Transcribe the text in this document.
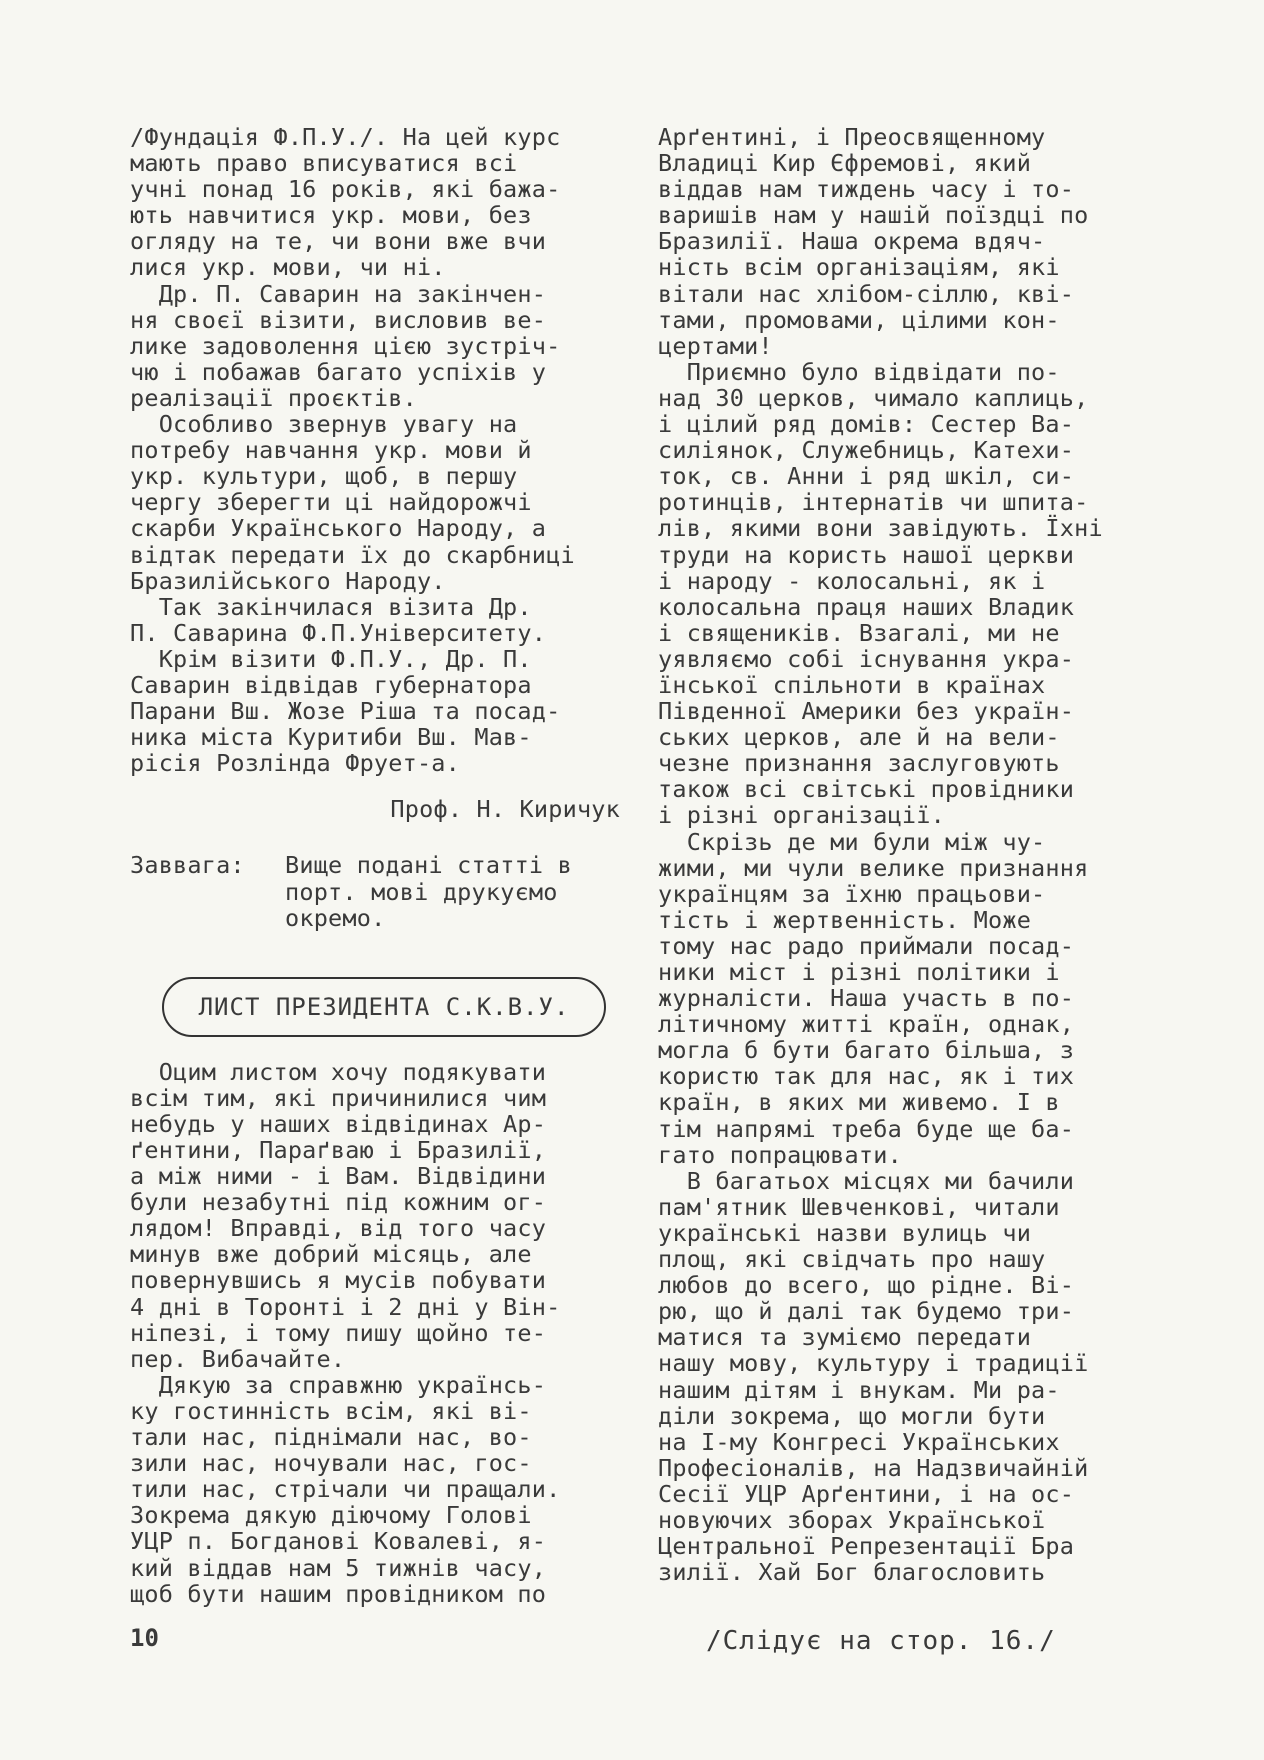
/Фундація Ф.П.У./. На цей курс
мають право вписуватися всі
учні понад 16 років, які бажа-
ють навчитися укр. мови, без
огляду на те, чи вони вже вчи
лися укр. мови, чи ні.
Др. П. Саварин на закінчен-
ня своєї візити, висловив ве-
лике задоволення цією зустріч-
чю і побажав багато успіхів у
реалізації проєктів.
Особливо звернув увагу на
потребу навчання укр. мови й
укр. культури, щоб, в першу
чергу зберегти ці найдорожчі
скарби Українського Народу, а
відтак передати їх до скарбниці
Бразилійського Народу.
Так закінчилася візита Др.
П. Саварина Ф.П.Університету.
Крім візити Ф.П.У., Др. П.
Саварин відвідав губернатора
Парани Вш. Жозе Ріша та посад-
ника міста Куритиби Вш. Мав-
рісія Розлінда Фрует-а.
Проф. Н. Киричук
Заввага: Вище подані статті в
порт. мові друкуємо
окремо.
ЛИСТ ПРЕЗИДЕНТА С.К.В.У.
Оцим листом хочу подякувати
всім тим, які причинилися чим
небудь у наших відвідинах Ар-
ґентини, Параґваю і Бразилії,
а між ними - і Вам. Відвідини
були незабутні під кожним ог-
лядом! Вправді, від того часу
минув вже добрий місяць, але
повернувшись я мусів побувати
4 дні в Торонті і 2 дні у Він-
ніпезі, і тому пишу щойно те-
пер. Вибачайте.
Дякую за справжню українсь-
ку гостинність всім, які ві-
тали нас, піднімали нас, во-
зили нас, ночували нас, гос-
тили нас, стрічали чи пращали.
Зокрема дякую діючому Голові
УЦР п. Богданові Ковалеві, я-
кий віддав нам 5 тижнів часу,
щоб бути нашим провідником по
Арґентині, і Преосвященному
Владиці Кир Єфремові, який
віддав нам тиждень часу і то-
варишів нам у нашій поїздці по
Бразилії. Наша окрема вдяч-
ність всім організаціям, які
вітали нас хлібом-сіллю, кві-
тами, промовами, цілими кон-
цертами!
Приємно було відвідати по-
над 30 церков, чимало каплиць,
і цілий ряд домів: Сестер Ва-
силіянок, Служебниць, Катехи-
ток, св. Анни і ряд шкіл, си-
ротинців, інтернатів чи шпита-
лів, якими вони завідують. Їхні
труди на користь нашої церкви
і народу - колосальні, як і
колосальна праця наших Владик
і священиків. Взагалі, ми не
уявляємо собі існування укра-
їнської спільноти в країнах
Південної Америки без україн-
ських церков, але й на вели-
чезне признання заслуговують
також всі світські провідники
і різні організації.
Скрізь де ми були між чу-
жими, ми чули велике признання
українцям за їхню працьови-
тість і жертвенність. Може
тому нас радо приймали посад-
ники міст і різні політики і
журналісти. Наша участь в по-
літичному житті країн, однак,
могла б бути багато більша, з
користю так для нас, як і тих
країн, в яких ми живемо. І в
тім напрямі треба буде ще ба-
гато попрацювати.
В багатьох місцях ми бачили
пам'ятник Шевченкові, читали
українські назви вулиць чи
площ, які свідчать про нашу
любов до всего, що рідне. Ві-
рю, що й далі так будемо три-
матися та зуміємо передати
нашу мову, культуру і традиції
нашим дітям і внукам. Ми ра-
діли зокрема, що могли бути
на І-му Конгресі Українських
Професіоналів, на Надзвичайній
Сесії УЦР Арґентини, і на ос-
новуючих зборах Української
Центральної Репрезентації Бра
зилії. Хай Бог благословить
10	/Слідує на стор. 16./
